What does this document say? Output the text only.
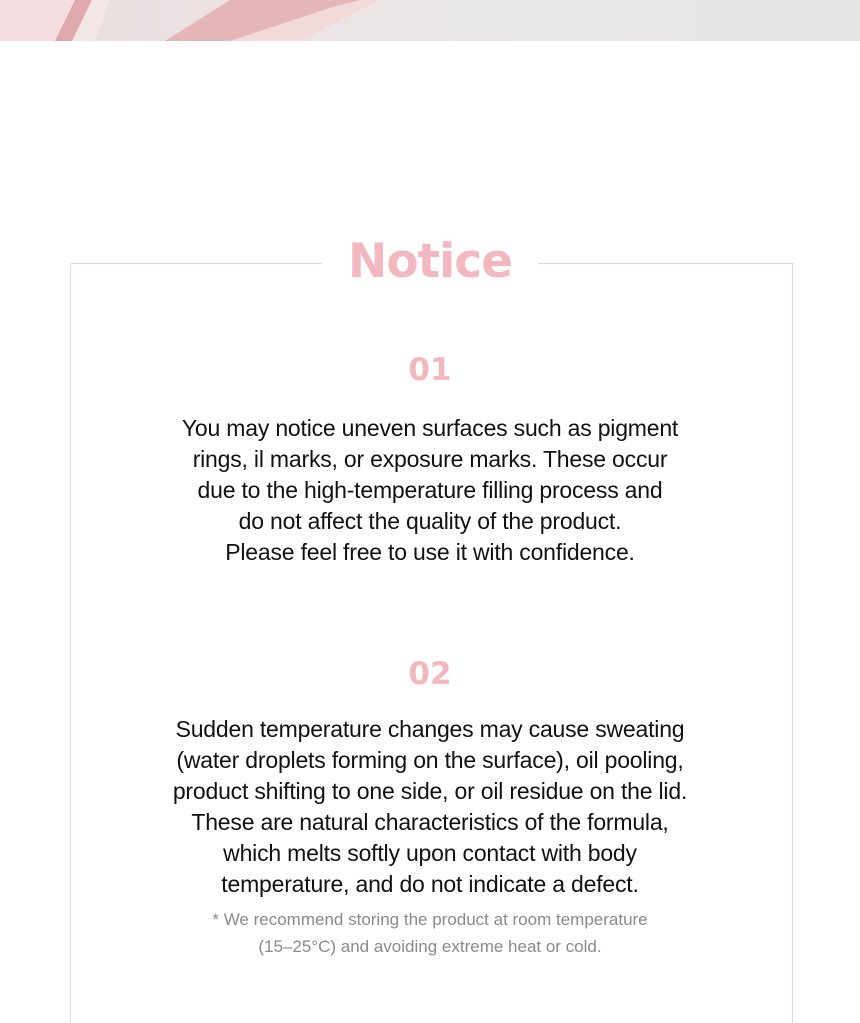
Notice
01
You may notice uneven surfaces such as pigment
rings, il marks, or exposure marks. These occur
due to the high-temperature filling process and
do not affect the quality of the product.
Please feel free to use it with confidence.
02
Sudden temperature changes may cause sweating
(water droplets forming on the surface), oil pooling,
product shifting to one side, or oil residue on the lid.
These are natural characteristics of the formula,
which melts softly upon contact with body
temperature, and do not indicate a defect.
* We recommend storing the product at room temperature
(15–25°C) and avoiding extreme heat or cold.
